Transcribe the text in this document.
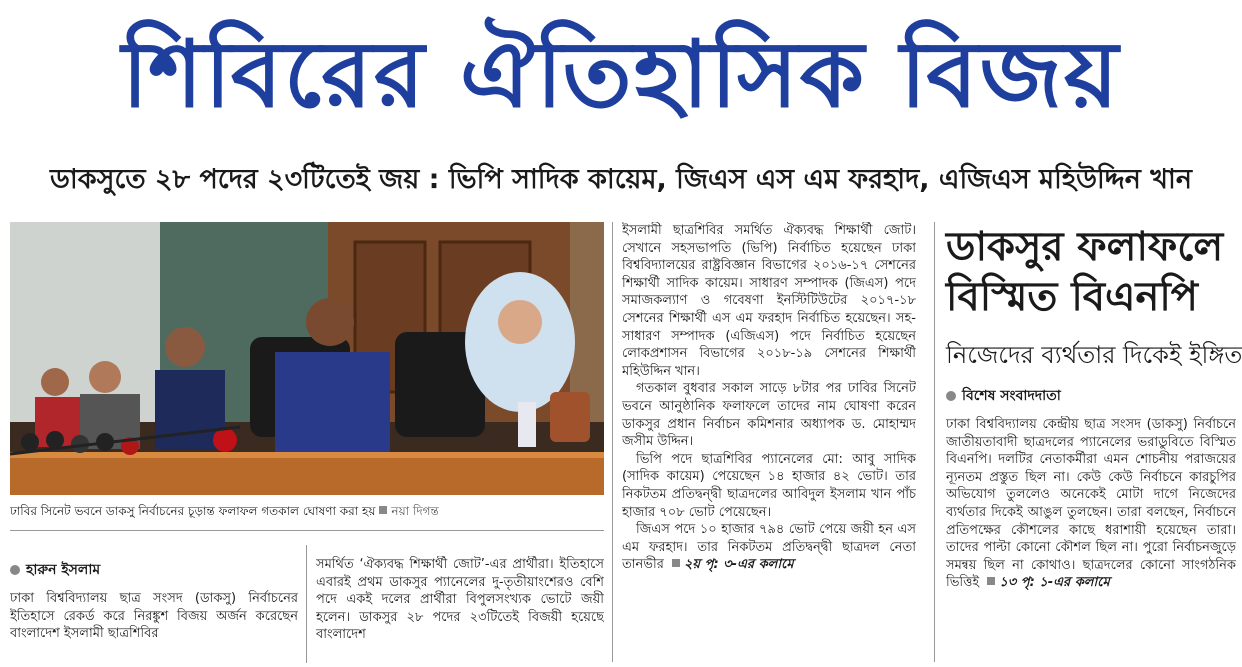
শিবিরের ঐতিহাসিক বিজয়
ডাকসুতে ২৮ পদের ২৩টিতেই জয় : ভিপি সাদিক কায়েম, জিএস এস এম ফরহাদ, এজিএস মহিউদ্দিন খান
ঢাবির সিনেট ভবনে ডাকসু নির্বাচনের চূড়ান্ত ফলাফল গতকাল ঘোষণা করা হয় নয়া দিগন্ত
হারুন ইসলাম

ঢাকা বিশ্ববিদ্যালয় ছাত্র সংসদ (ডাকসু) নির্বাচনের ইতিহাসে রেকর্ড করে নিরঙ্কুশ বিজয় অর্জন করেছেন বাংলাদেশ ইসলামী ছাত্রশিবির

সমর্থিত ‘ঐক্যবদ্ধ শিক্ষার্থী জোট’-এর প্রার্থীরা। ইতিহাসে এবারই প্রথম ডাকসুর প্যানেলের দু-তৃতীয়াংশেরও বেশি পদে একই দলের প্রার্থীরা বিপুলসংখ্যক ভোটে জয়ী হলেন। ডাকসুর ২৮ পদের ২৩টিতেই বিজয়ী হয়েছে বাংলাদেশ

ইসলামী ছাত্রশিবির সমর্থিত ঐক্যবদ্ধ শিক্ষার্থী জোট। সেখানে সহসভাপতি (ভিপি) নির্বাচিত হয়েছেন ঢাকা বিশ্ববিদ্যালয়ের রাষ্ট্রবিজ্ঞান বিভাগের ২০১৬-১৭ সেশনের শিক্ষার্থী সাদিক কায়েম। সাধারণ সম্পাদক (জিএস) পদে সমাজকল্যাণ ও গবেষণা ইনস্টিটিউটের ২০১৭-১৮ সেশনের শিক্ষার্থী এস এম ফরহাদ নির্বাচিত হয়েছেন। সহ-সাধারণ সম্পাদক (এজিএস) পদে নির্বাচিত হয়েছেন লোকপ্রশাসন বিভাগের ২০১৮-১৯ সেশনের শিক্ষার্থী মহিউদ্দিন খান।

গতকাল বুধবার সকাল সাড়ে ৮টার পর ঢাবির সিনেট ভবনে আনুষ্ঠানিক ফলাফলে তাদের নাম ঘোষণা করেন ডাকসুর প্রধান নির্বাচন কমিশনার অধ্যাপক ড. মোহাম্মদ জসীম উদ্দিন।

ভিপি পদে ছাত্রশিবির প্যানেলের মো: আবু সাদিক (সাদিক কায়েম) পেয়েছেন ১৪ হাজার ৪২ ভোট। তার নিকটতম প্রতিদ্বন্দ্বী ছাত্রদলের আবিদুল ইসলাম খান পাঁচ হাজার ৭০৮ ভোট পেয়েছেন।

জিএস পদে ১০ হাজার ৭৯৪ ভোট পেয়ে জয়ী হন এস এম ফরহাদ। তার নিকটতম প্রতিদ্বন্দ্বী ছাত্রদল নেতা তানভীর ২য় পৃ: ৩-এর কলামে

ডাকসুর ফলাফলে
বিস্মিত বিএনপি
নিজেদের ব্যর্থতার দিকেই ইঙ্গিত
বিশেষ সংবাদদাতা

ঢাকা বিশ্ববিদ্যালয় কেন্দ্রীয় ছাত্র সংসদ (ডাকসু) নির্বাচনে জাতীয়তাবাদী ছাত্রদলের প্যানেলের ভরাডুবিতে বিস্মিত বিএনপি। দলটির নেতাকর্মীরা এমন শোচনীয় পরাজয়ের ন্যূনতম প্রস্তুত ছিল না। কেউ কেউ নির্বাচনে কারচুপির অভিযোগ তুললেও অনেকেই মোটা দাগে নিজেদের ব্যর্থতার দিকেই আঙুল তুলছেন। তারা বলছেন, নির্বাচনে প্রতিপক্ষের কৌশলের কাছে ধরাশায়ী হয়েছেন তারা। তাদের পাল্টা কোনো কৌশল ছিল না। পুরো নির্বাচনজুড়ে সমন্বয় ছিল না কোথাও। ছাত্রদলের কোনো সাংগঠনিক ভিত্তিই ১৩ পৃ: ১-এর কলামে
